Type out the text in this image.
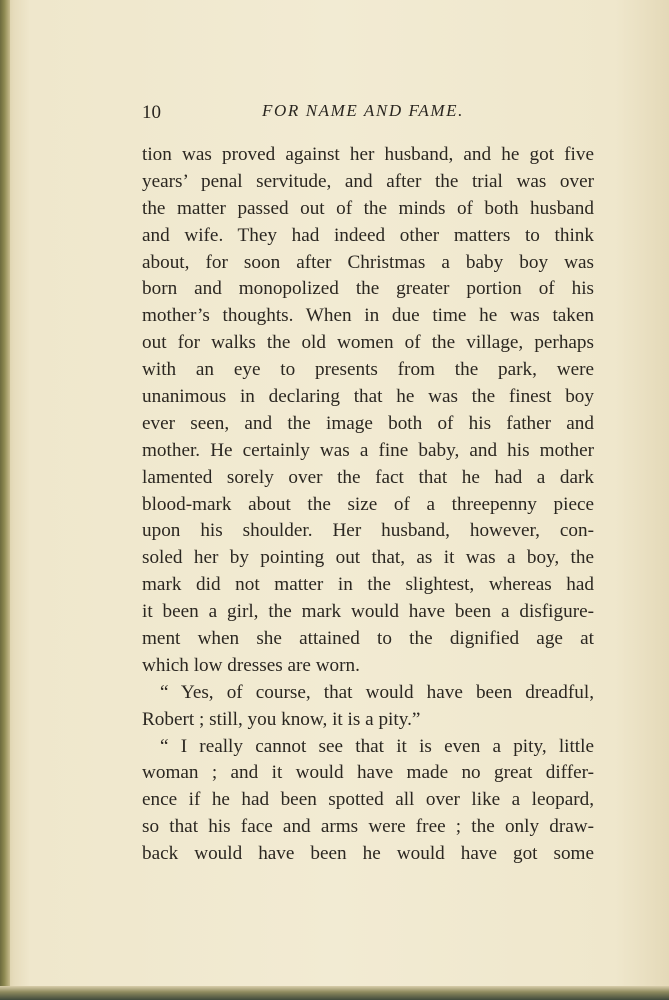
10	FOR NAME AND FAME.
tion was proved against her husband, and he got five
years’ penal servitude, and after the trial was over
the matter passed out of the minds of both husband
and wife. They had indeed other matters to think
about, for soon after Christmas a baby boy was
born and monopolized the greater portion of his
mother’s thoughts. When in due time he was taken
out for walks the old women of the village, perhaps
with an eye to presents from the park, were
unanimous in declaring that he was the finest boy
ever seen, and the image both of his father and
mother. He certainly was a fine baby, and his mother
lamented sorely over the fact that he had a dark
blood-mark about the size of a threepenny piece
upon his shoulder. Her husband, however, con-
soled her by pointing out that, as it was a boy, the
mark did not matter in the slightest, whereas had
it been a girl, the mark would have been a disfigure-
ment when she attained to the dignified age at
which low dresses are worn.
“ Yes, of course, that would have been dreadful,
Robert ; still, you know, it is a pity.”
“ I really cannot see that it is even a pity, little
woman ; and it would have made no great differ-
ence if he had been spotted all over like a leopard,
so that his face and arms were free ; the only draw-
back would have been he would have got some
